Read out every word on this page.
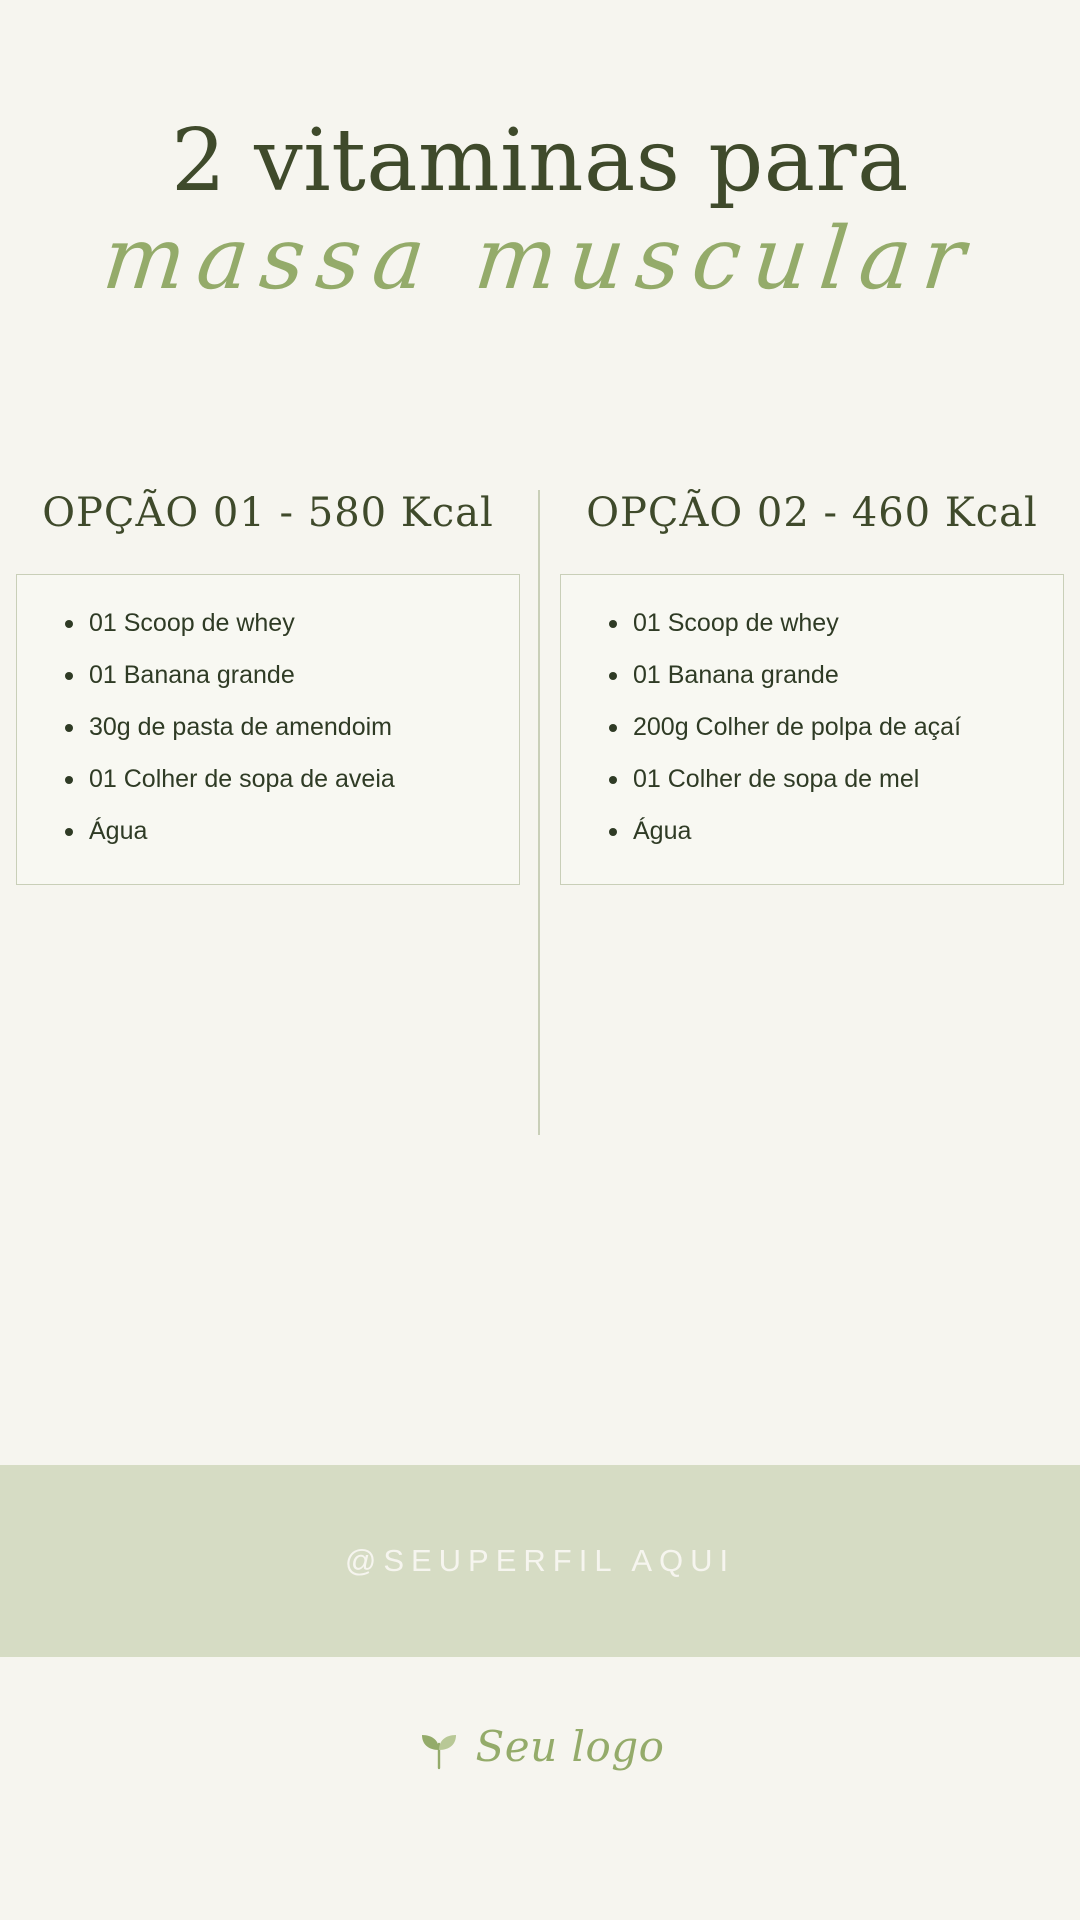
2 vitaminas para
massa muscular
OPÇÃO 01 - 580 Kcal
01 Scoop de whey
01 Banana grande
30g de pasta de amendoim
01 Colher de sopa de aveia
Água
OPÇÃO 02 - 460 Kcal
01 Scoop de whey
01 Banana grande
200g Colher de polpa de açaí
01 Colher de sopa de mel
Água
@SEUPERFIL AQUI
Seu logo
